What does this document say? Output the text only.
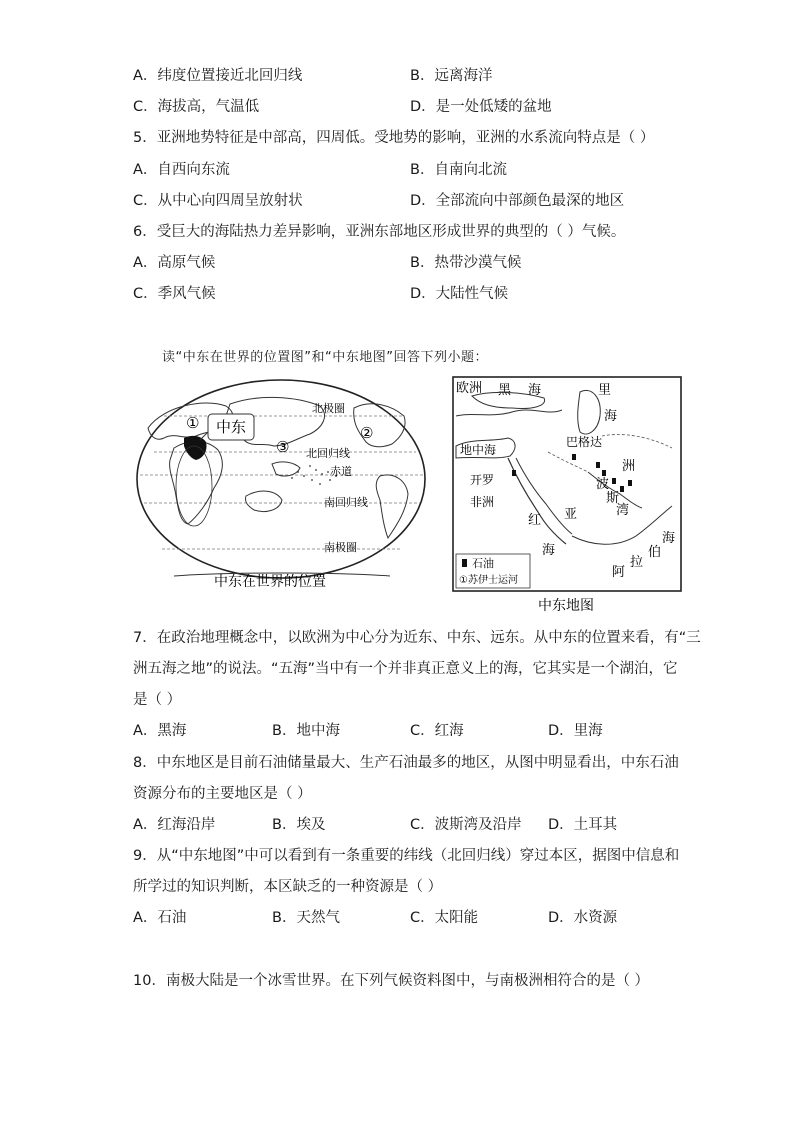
A．纬度位置接近北回归线	B．远离海洋
C．海拔高，气温低	D．是一处低矮的盆地
5．亚洲地势特征是中部高，四周低。受地势的影响，亚洲的水系流向特点是（ ）
A．自西向东流	B．自南向北流
C．从中心向四周呈放射状	D．全部流向中部颜色最深的地区
6．受巨大的海陆热力差异影响，亚洲东部地区形成世界的典型的（ ）气候。
A．高原气候	B．热带沙漠气候
C．季风气候	D．大陆性气候
读“中东在世界的位置图”和“中东地图”回答下列小题：
中东
①
③
②
北极圈
北回归线
赤道
南回归线
南极圈
中东在世界的位置
欧洲 黑 海	里
海
巴格达
地中海
洲
开罗	波
斯
湾
非洲
红 亚
海
海
伯
拉
阿
石油
①苏伊士运河
中东地图
7．在政治地理概念中，以欧洲为中心分为近东、中东、远东。从中东的位置来看，有“三
洲五海之地”的说法。“五海”当中有一个并非真正意义上的海，它其实是一个湖泊，它
是（ ）
A．黑海	B．地中海	C．红海	D．里海
8．中东地区是目前石油储量最大、生产石油最多的地区，从图中明显看出，中东石油
资源分布的主要地区是（ ）
A．红海沿岸	B．埃及	C．波斯湾及沿岸 D．土耳其
9．从“中东地图”中可以看到有一条重要的纬线（北回归线）穿过本区，据图中信息和
所学过的知识判断，本区缺乏的一种资源是（ ）
A．石油	B．天然气	C．太阳能	D．水资源
10．南极大陆是一个冰雪世界。在下列气候资料图中，与南极洲相符合的是（ ）
